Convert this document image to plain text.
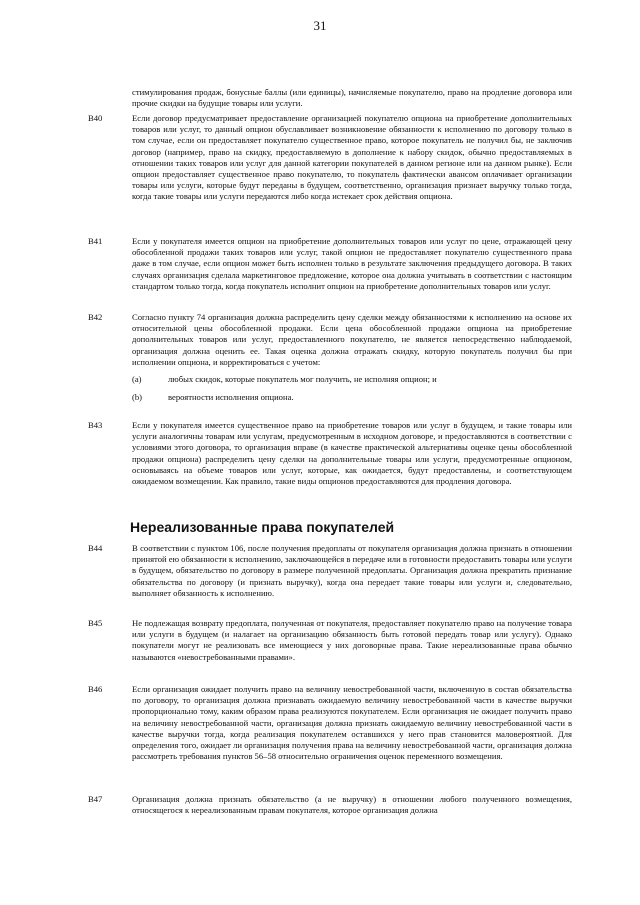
31
стимулирования продаж, бонусные баллы (или единицы), начисляемые покупателю, право на продление договора или прочие скидки на будущие товары или услуги.
B40	Если договор предусматривает предоставление организацией покупателю опциона на приобретение дополнительных товаров или услуг, то данный опцион обуславливает возникновение обязанности к исполнению по договору только в том случае, если он предоставляет покупателю существенное право, которое покупатель не получил бы, не заключив договор (например, право на скидку, предоставляемую в дополнение к набору скидок, обычно предоставляемых в отношении таких товаров или услуг для данной категории покупателей в данном регионе или на данном рынке). Если опцион предоставляет существенное право покупателю, то покупатель фактически авансом оплачивает организации товары или услуги, которые будут переданы в будущем, соответственно, организация признает выручку только тогда, когда такие товары или услуги передаются либо когда истекает срок действия опциона.
B41	Если у покупателя имеется опцион на приобретение дополнительных товаров или услуг по цене, отражающей цену обособленной продажи таких товаров или услуг, такой опцион не предоставляет покупателю существенного права даже в том случае, если опцион может быть исполнен только в результате заключения предыдущего договора. В таких случаях организация сделала маркетинговое предложение, которое она должна учитывать в соответствии с настоящим стандартом только тогда, когда покупатель исполнит опцион на приобретение дополнительных товаров или услуг.
B42	Согласно пункту 74 организация должна распределить цену сделки между обязанностями к исполнению на основе их относительной цены обособленной продажи. Если цена обособленной продажи опциона на приобретение дополнительных товаров или услуг, предоставленного покупателю, не является непосредственно наблюдаемой, организация должна оценить ее. Такая оценка должна отражать скидку, которую покупатель получил бы при исполнении опциона, и корректироваться с учетом:
(a)	любых скидок, которые покупатель мог получить, не исполняя опцион; и
(b)	вероятности исполнения опциона.
B43	Если у покупателя имеется существенное право на приобретение товаров или услуг в будущем, и такие товары или услуги аналогичны товарам или услугам, предусмотренным в исходном договоре, и предоставляются в соответствии с условиями этого договора, то организация вправе (в качестве практической альтернативы оценке цены обособленной продажи опциона) распределить цену сделки на дополнительные товары или услуги, предусмотренные опционом, основываясь на объеме товаров или услуг, которые, как ожидается, будут предоставлены, и соответствующем ожидаемом возмещении. Как правило, такие виды опционов предоставляются для продления договора.
Нереализованные права покупателей
B44	В соответствии с пунктом 106, после получения предоплаты от покупателя организация должна признать в отношении принятой ею обязанности к исполнению, заключающейся в передаче или в готовности предоставить товары или услуги в будущем, обязательство по договору в размере полученной предоплаты. Организация должна прекратить признание обязательства по договору (и признать выручку), когда она передает такие товары или услуги и, следовательно, выполняет обязанность к исполнению.
B45	Не подлежащая возврату предоплата, полученная от покупателя, предоставляет покупателю право на получение товара или услуги в будущем (и налагает на организацию обязанность быть готовой передать товар или услугу). Однако покупатели могут не реализовать все имеющиеся у них договорные права. Такие нереализованные права обычно называются «невостребованными правами».
B46	Если организация ожидает получить право на величину невостребованной части, включенную в состав обязательства по договору, то организация должна признавать ожидаемую величину невостребованной части в качестве выручки пропорционально тому, каким образом права реализуются покупателем. Если организация не ожидает получить право на величину невостребованной части, организация должна признать ожидаемую величину невостребованной части в качестве выручки тогда, когда реализация покупателем оставшихся у него прав становится маловероятной. Для определения того, ожидает ли организация получения права на величину невостребованной части, организация должна рассмотреть требования пунктов 56–58 относительно ограничения оценок переменного возмещения.
B47	Организация должна признать обязательство (а не выручку) в отношении любого полученного возмещения, относящегося к нереализованным правам покупателя, которое организация должна
